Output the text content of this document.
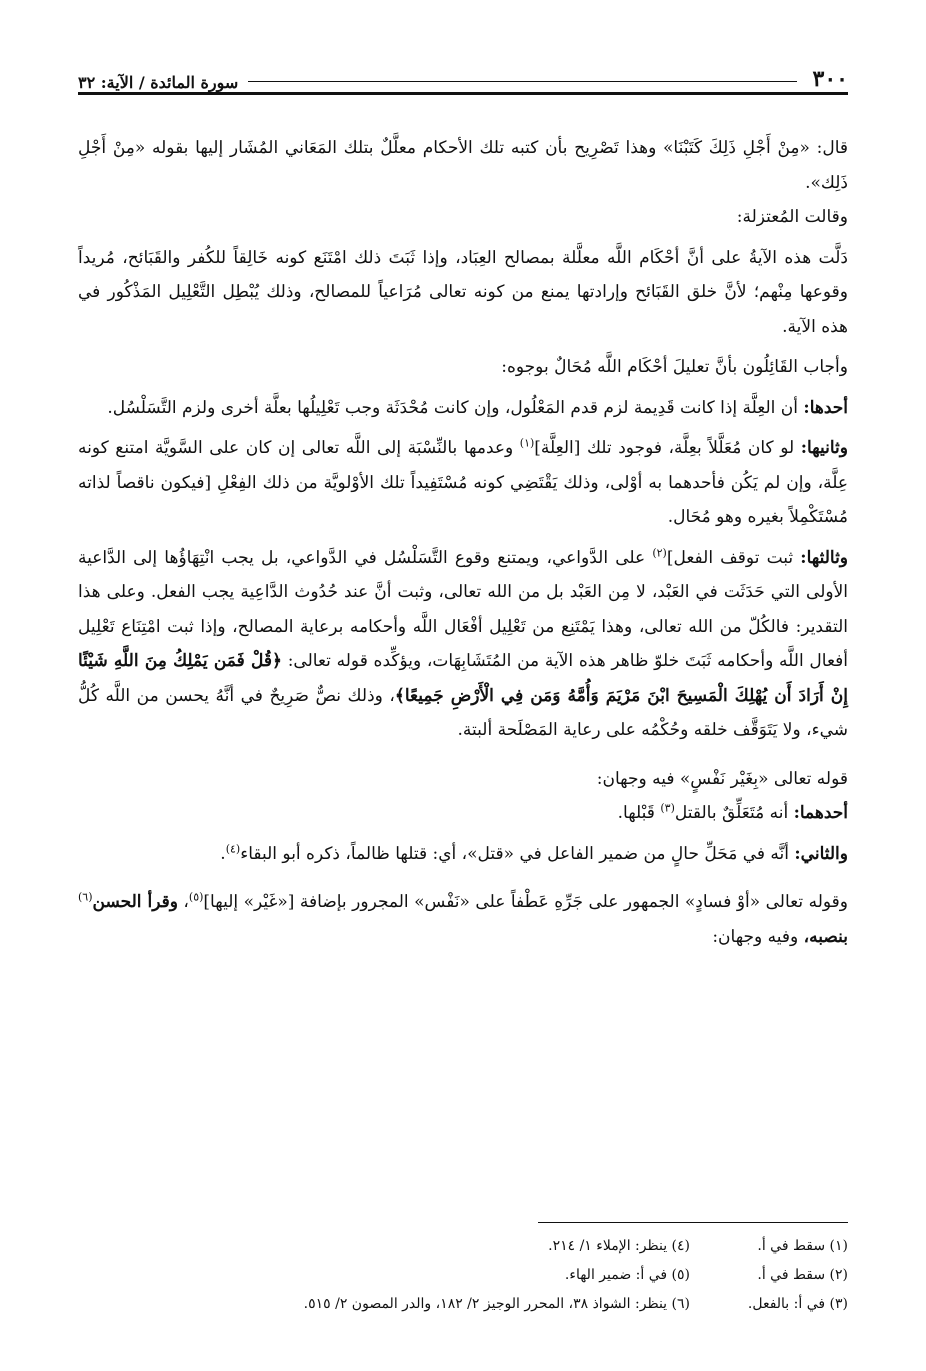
٣٠٠
سورة المائدة / الآية: ٣٢

قال: «مِنْ أَجْلِ ذَلِكَ كَتَبْنَا» وهذا تَصْرِيح بأن كتبه تلك الأحكام معلَّلٌ بتلك المَعَاني المُشَار إليها بقوله «مِنْ أَجْلِ ذَلِك».

وقالت المُعتزلة:

دَلَّت هذه الآيةُ على أنَّ أحْكَام اللَّه معلَّلة بمصالح العِبَاد، وإذا ثَبَتَ ذلك امْتَنَع كونه خَالِقاً للكُفر والقَبَائح، مُريداً وقوعها مِنْهم؛ لأنَّ خلق القَبَائح وإرادتها يمنع من كونه تعالى مُرَاعياً للمصالح، وذلك يُبْطِل التَّعْلِيل المَذْكُور في هذه الآية.

وأجاب القَائِلُون بأنَّ تعليلَ أحْكَام اللَّه مُحَالٌ بوجوه:

أحدها: أن العِلَّة إذا كانت قَدِيمة لزم قدم المَعْلُول، وإن كانت مُحْدَثَة وجب تَعْلِيلُها بعلَّة أخرى ولزم التَّسَلْسُل.

وثانيها: لو كان مُعَلَّلاً بعِلَّة، فوجود تلك [العِلَّة]$^{(١)}$ وعدمها بالنِّسْبَة إلى اللَّه تعالى إن كان على السَّويَّة امتنع كونه عِلَّة، وإن لم يَكُن فأحدهما به أوْلى، وذلك يَقْتَضِي كونه مُسْتَفِيداً تلك الأوْلويَّة من ذلك الفِعْلِ [فيكون ناقصاً لذاته مُسْتَكْمِلاً بغيره وهو مُحَال.

وثالثها: ثبت توقف الفعل]$^{(٢)}$ على الدَّواعي، ويمتنع وقوع التَّسَلْسُل في الدَّواعي، بل يجب انْتِهَاؤُها إلى الدَّاعية الأولى التي حَدَثَت في العَبْد، لا مِن العَبْد بل من الله تعالى، وثبت أنَّ عند حُدُوث الدَّاعِية يجب الفعل. وعلى هذا التقدير: فالكُلّ من الله تعالى، وهذا يَمْتَنِع من تَعْلِيل أفْعَال اللَّه وأحكامه برعاية المصالح، وإذا ثبت امْتِنَاع تَعْلِيل أفعال اللَّه وأحكامه ثَبَتَ خلوّ ظاهر هذه الآية من المُتَشَابِهَات، ويؤكِّده قوله تعالى: ﴿قُلْ فَمَن يَمْلِكُ مِنَ اللَّهِ شَيْئًا إِنْ أَرَادَ أَن يُهْلِكَ الْمَسِيحَ ابْنَ مَرْيَمَ وَأُمَّهُ وَمَن فِي الْأَرْضِ جَمِيعًا﴾، وذلك نصٌّ صَرِيحٌ في أنَّهُ يحسن من اللَّه كُلُّ شيء، ولا يَتَوَقَّف خلقه وحُكْمُه على رعاية المَصْلَحة ألبتة.

قوله تعالى «بِغَيْر نَفْسٍ» فيه وجهان:

أحدهما: أنه مُتَعَلِّقٌ بالقتل$^{(٣)}$ قَبْلها.

والثاني: أنَّه في مَحَلِّ حالٍ من ضمير الفاعل في «قتل»، أي: قتلها ظالماً، ذكره أبو البقاء$^{(٤)}$.

وقوله تعالى «أوْ فسادٍ» الجمهور على جَرِّهِ عَطْفاً على «نَفْس» المجرور بإضافة [«غَيْر» إليها]$^{(٥)}$، وقرأ الحسن$^{(٦)}$ بنصبه، وفيه وجهان:

(١) سقط في أ.
(٤) ينظر: الإملاء ١/ ٢١٤.
(٢) سقط في أ.
(٥) في أ: ضمير الهاء.
(٣) في أ: بالفعل.
(٦) ينظر: الشواذ ٣٨، المحرر الوجيز ٢/ ١٨٢، والدر المصون ٢/ ٥١٥.
